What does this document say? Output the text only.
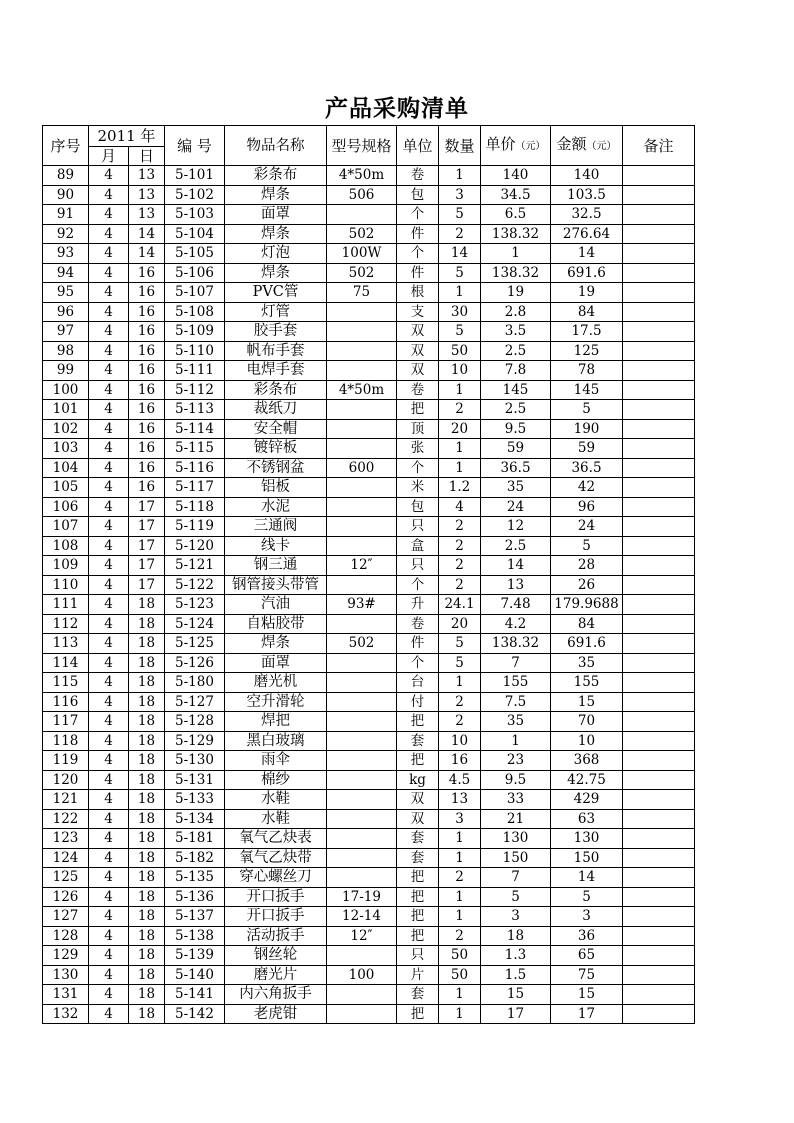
产品采购清单
序号	2011 年		编 号	物品名称	型号规格	单位	数量	单价（元）	金额（元）	备注
	月	日								
89	4	13	5-101	彩条布	4*50m	卷	1	140	140	
90	4	13	5-102	焊条	506	包	3	34.5	103.5	
91	4	13	5-103	面罩		个	5	6.5	32.5	
92	4	14	5-104	焊条	502	件	2	138.32	276.64	
93	4	14	5-105	灯泡	100W	个	14	1	14	
94	4	16	5-106	焊条	502	件	5	138.32	691.6	
95	4	16	5-107	PVC管	75	根	1	19	19	
96	4	16	5-108	灯管		支	30	2.8	84	
97	4	16	5-109	胶手套		双	5	3.5	17.5	
98	4	16	5-110	帆布手套		双	50	2.5	125	
99	4	16	5-111	电焊手套		双	10	7.8	78	
100	4	16	5-112	彩条布	4*50m	卷	1	145	145	
101	4	16	5-113	裁纸刀		把	2	2.5	5	
102	4	16	5-114	安全帽		顶	20	9.5	190	
103	4	16	5-115	镀锌板		张	1	59	59	
104	4	16	5-116	不锈钢盆	600	个	1	36.5	36.5	
105	4	16	5-117	铝板		米	1.2	35	42	
106	4	17	5-118	水泥		包	4	24	96	
107	4	17	5-119	三通阀		只	2	12	24	
108	4	17	5-120	线卡		盒	2	2.5	5	
109	4	17	5-121	钢三通	12″	只	2	14	28	
110	4	17	5-122	钢管接头带管		个	2	13	26	
111	4	18	5-123	汽油	93#	升	24.1	7.48	179.9688	
112	4	18	5-124	自粘胶带		卷	20	4.2	84	
113	4	18	5-125	焊条	502	件	5	138.32	691.6	
114	4	18	5-126	面罩		个	5	7	35	
115	4	18	5-180	磨光机		台	1	155	155	
116	4	18	5-127	空升滑轮		付	2	7.5	15	
117	4	18	5-128	焊把		把	2	35	70	
118	4	18	5-129	黑白玻璃		套	10	1	10	
119	4	18	5-130	雨伞		把	16	23	368	
120	4	18	5-131	棉纱		kg	4.5	9.5	42.75	
121	4	18	5-133	水鞋		双	13	33	429	
122	4	18	5-134	水鞋		双	3	21	63	
123	4	18	5-181	氧气乙炔表		套	1	130	130	
124	4	18	5-182	氧气乙炔带		套	1	150	150	
125	4	18	5-135	穿心螺丝刀		把	2	7	14	
126	4	18	5-136	开口扳手	17-19	把	1	5	5	
127	4	18	5-137	开口扳手	12-14	把	1	3	3	
128	4	18	5-138	活动扳手	12″	把	2	18	36	
129	4	18	5-139	钢丝轮		只	50	1.3	65	
130	4	18	5-140	磨光片	100	片	50	1.5	75	
131	4	18	5-141	内六角扳手		套	1	15	15	
132	4	18	5-142	老虎钳		把	1	17	17	
